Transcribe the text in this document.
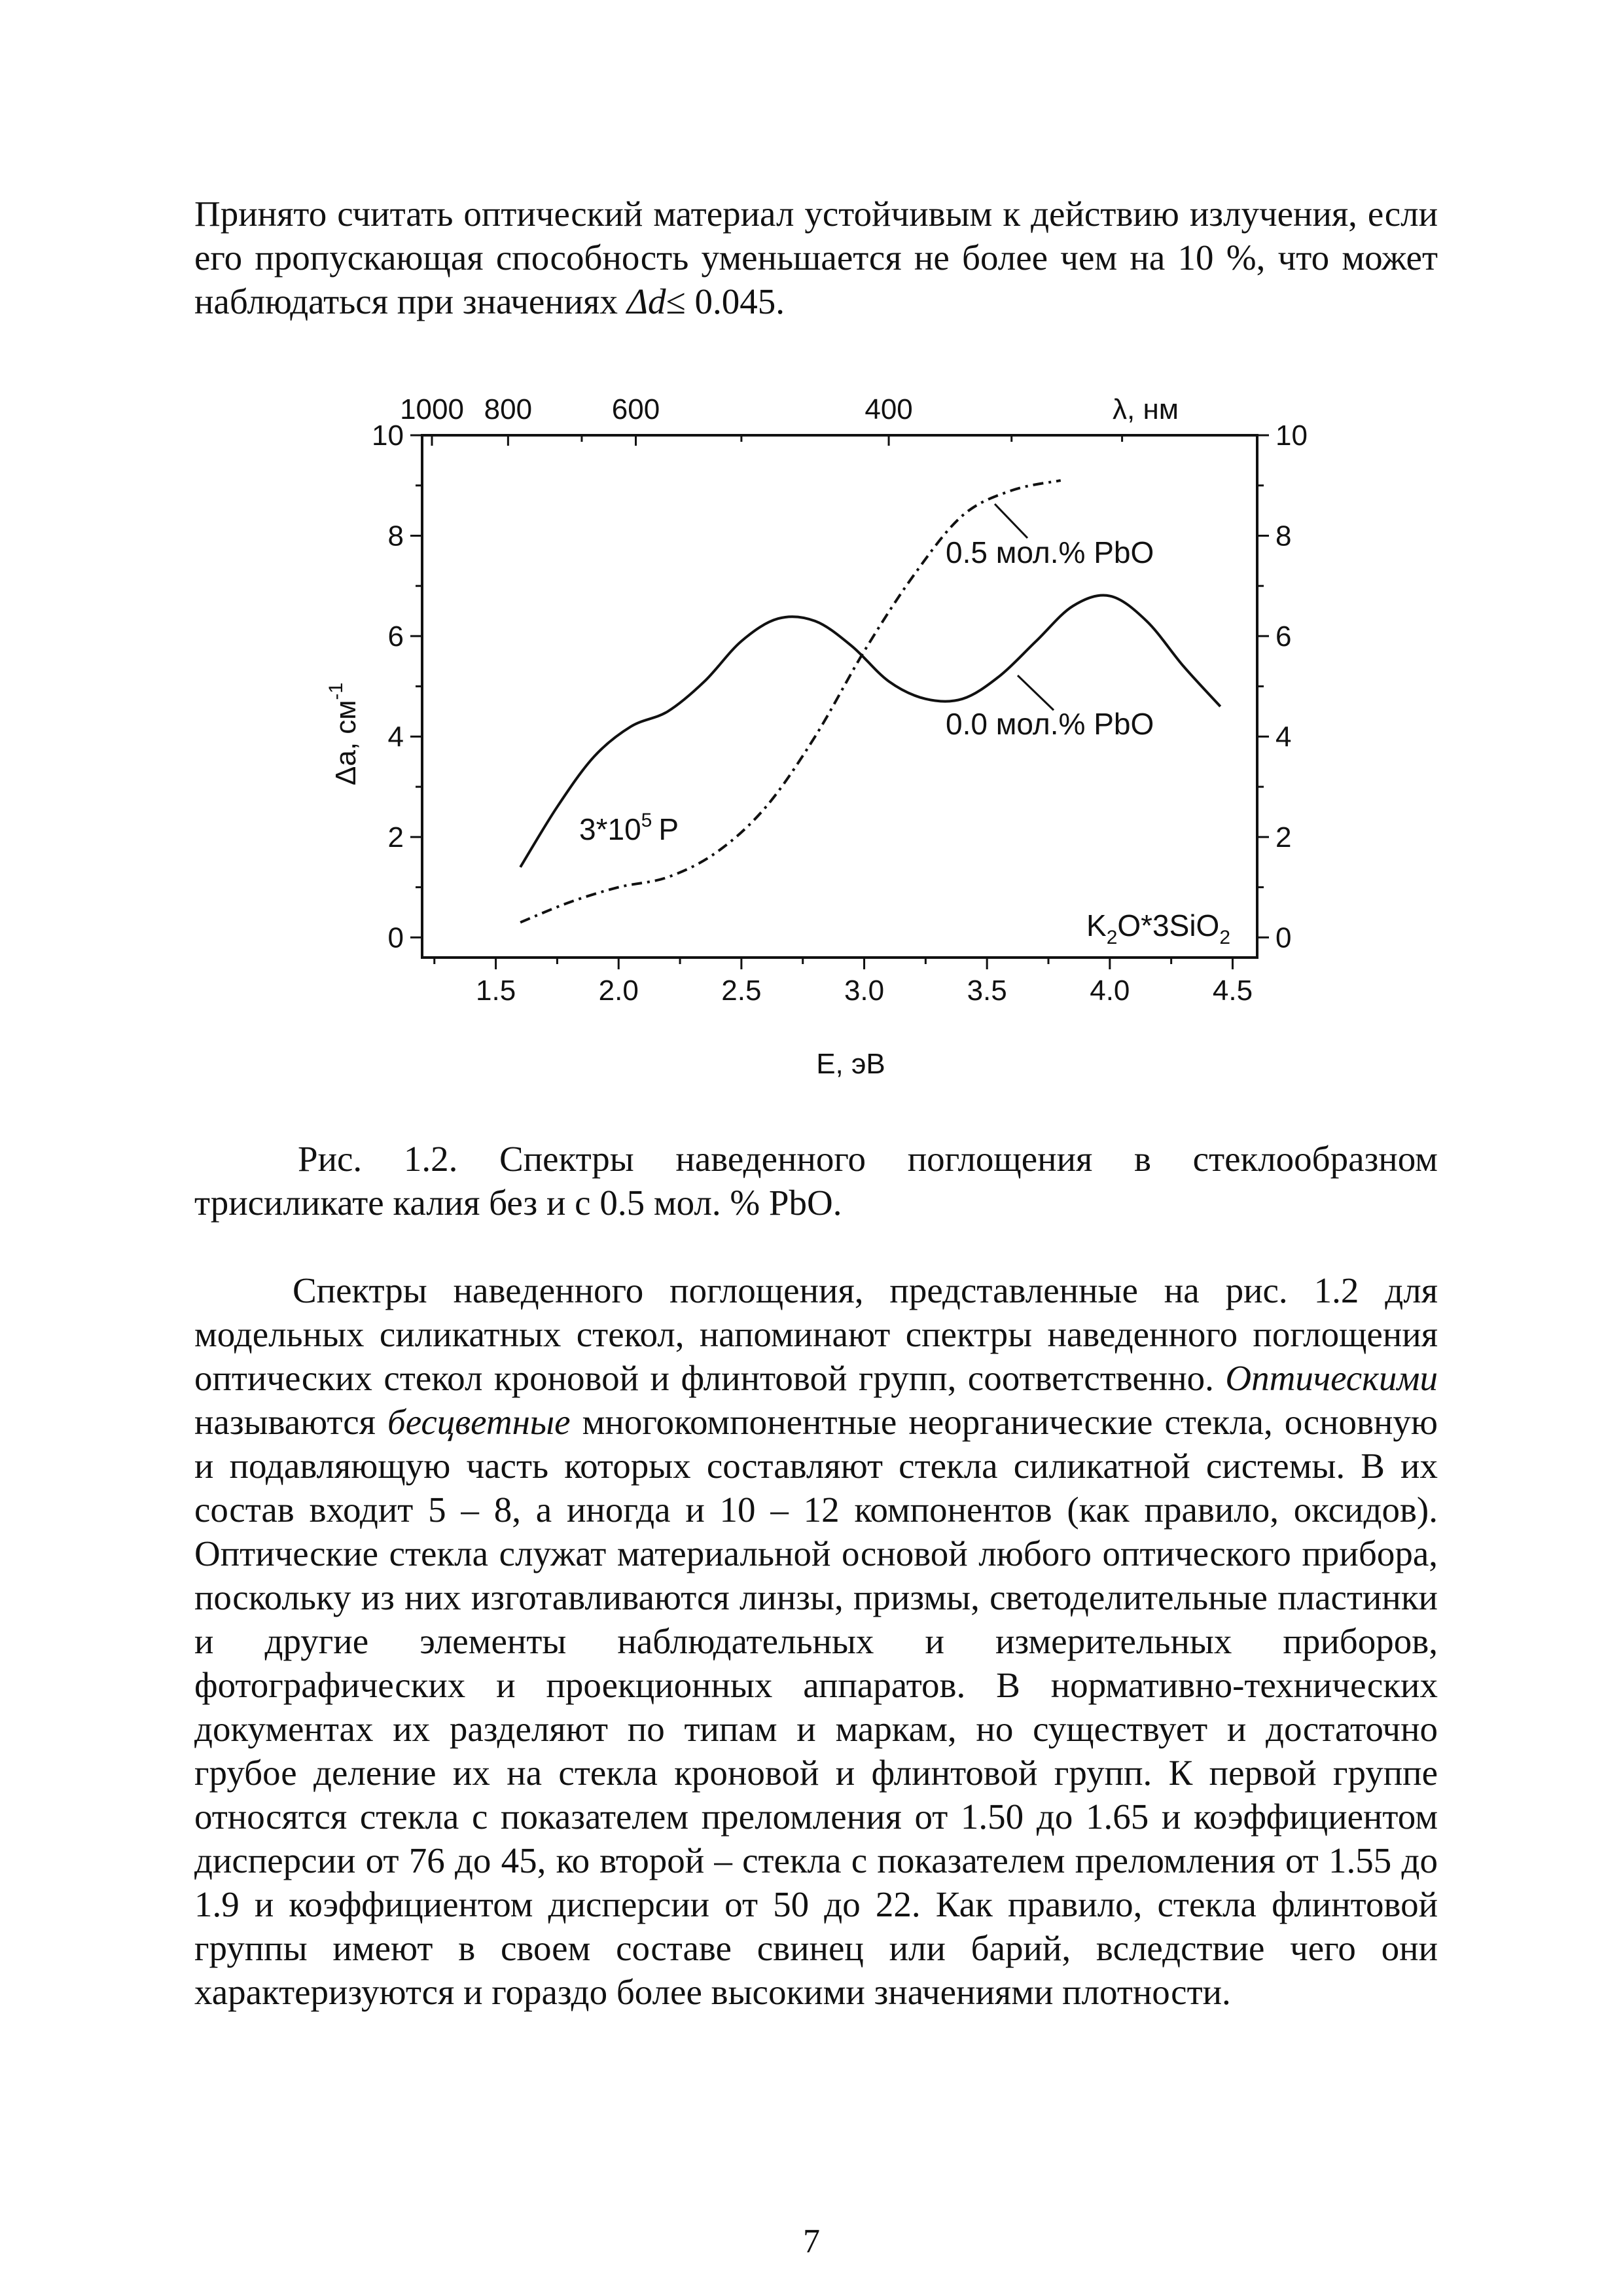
Принято считать оптический материал устойчивым к действию излучения, если его пропускающая способность уменьшается не более чем на 10 %, что может наблюдаться при значениях Δd≤ 0.045.

0
2
4
6
8
10
0
2
4
6
8
10
1.5	2.0	2.5	3.0	3.5	4.0	4.5
1000 800	600	400	λ, нм
Δa, $см^{-1}$
E, эВ
0.5 мол.% PbO
0.0 мол.% PbO
$3*10^5$ P
$K_2O*3SiO_2$

Рис. 1.2. Спектры наведенного поглощения в стеклообразном трисиликате калия без и с 0.5 мол. % PbO.

Спектры наведенного поглощения, представленные на рис. 1.2 для модельных силикатных стекол, напоминают спектры наведенного поглощения оптических стекол кроновой и флинтовой групп, соответственно. Оптическими называются бесцветные многокомпонентные неорганические стекла, основную и подавляющую часть которых составляют стекла силикатной системы. В их состав входит 5 – 8, а иногда и 10 – 12 компонентов (как правило, оксидов). Оптические стекла служат материальной основой любого оптического прибора, поскольку из них изготавливаются линзы, призмы, светоделительные пластинки и другие элементы наблюдательных и измерительных приборов, фотографических и проекционных аппаратов. В нормативно-технических документах их разделяют по типам и маркам, но существует и достаточно грубое деление их на стекла кроновой и флинтовой групп. К первой группе относятся стекла с показателем преломления от 1.50 до 1.65 и коэффициентом дисперсии от 76 до 45, ко второй – стекла с показателем преломления от 1.55 до 1.9 и коэффициентом дисперсии от 50 до 22. Как правило, стекла флинтовой группы имеют в своем составе свинец или барий, вследствие чего они характеризуются и гораздо более высокими значениями плотности.

7
